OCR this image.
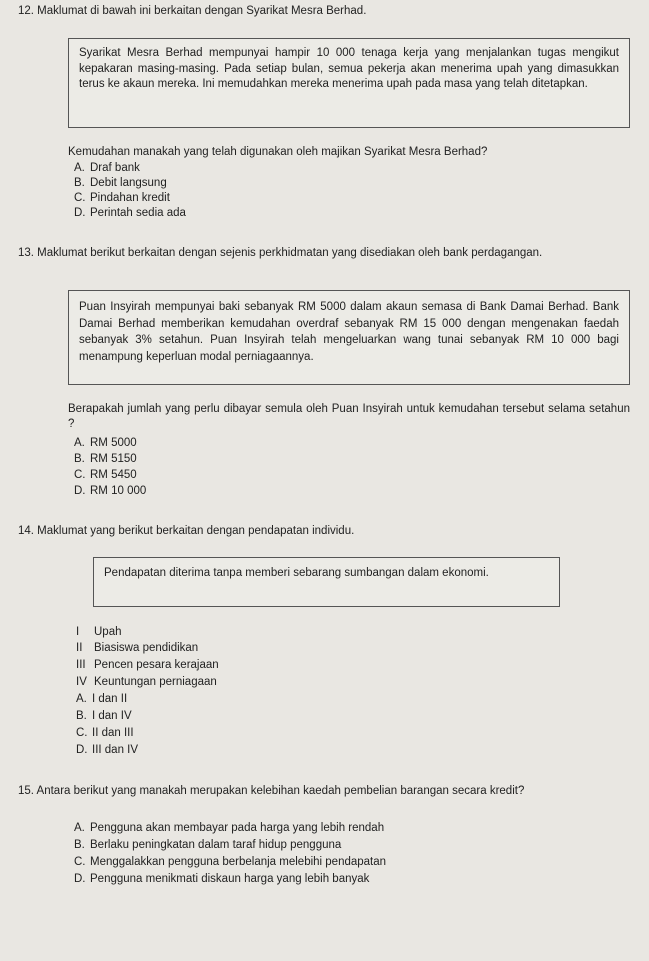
12. Maklumat di bawah ini berkaitan dengan Syarikat Mesra Berhad.
Syarikat Mesra Berhad mempunyai hampir 10 000 tenaga kerja yang menjalankan tugas mengikut kepakaran masing-masing. Pada setiap bulan, semua pekerja akan menerima upah yang dimasukkan terus ke akaun mereka. Ini memudahkan mereka menerima upah pada masa yang telah ditetapkan.
Kemudahan manakah yang telah digunakan oleh majikan Syarikat Mesra Berhad?
A. Draf bank
B. Debit langsung
C. Pindahan kredit
D. Perintah sedia ada
13. Maklumat berikut berkaitan dengan sejenis perkhidmatan yang disediakan oleh bank perdagangan.
Puan Insyirah mempunyai baki sebanyak RM 5000 dalam akaun semasa di Bank Damai Berhad. Bank Damai Berhad memberikan kemudahan overdraf sebanyak RM 15 000 dengan mengenakan faedah sebanyak 3% setahun. Puan Insyirah telah mengeluarkan wang tunai sebanyak RM 10 000 bagi menampung keperluan modal perniagaannya.
Berapakah jumlah yang perlu dibayar semula oleh Puan Insyirah untuk kemudahan tersebut selama setahun ?
A. RM 5000
B. RM 5150
C. RM 5450
D. RM 10 000
14. Maklumat yang berikut berkaitan dengan pendapatan individu.
Pendapatan diterima tanpa memberi sebarang sumbangan dalam ekonomi.
I Upah
II Biasiswa pendidikan
III Pencen pesara kerajaan
IV Keuntungan perniagaan
A. I dan II
B. I dan IV
C. II dan III
D. III dan IV
15. Antara berikut yang manakah merupakan kelebihan kaedah pembelian barangan secara kredit?
A. Pengguna akan membayar pada harga yang lebih rendah
B. Berlaku peningkatan dalam taraf hidup pengguna
C. Menggalakkan pengguna berbelanja melebihi pendapatan
D. Pengguna menikmati diskaun harga yang lebih banyak
